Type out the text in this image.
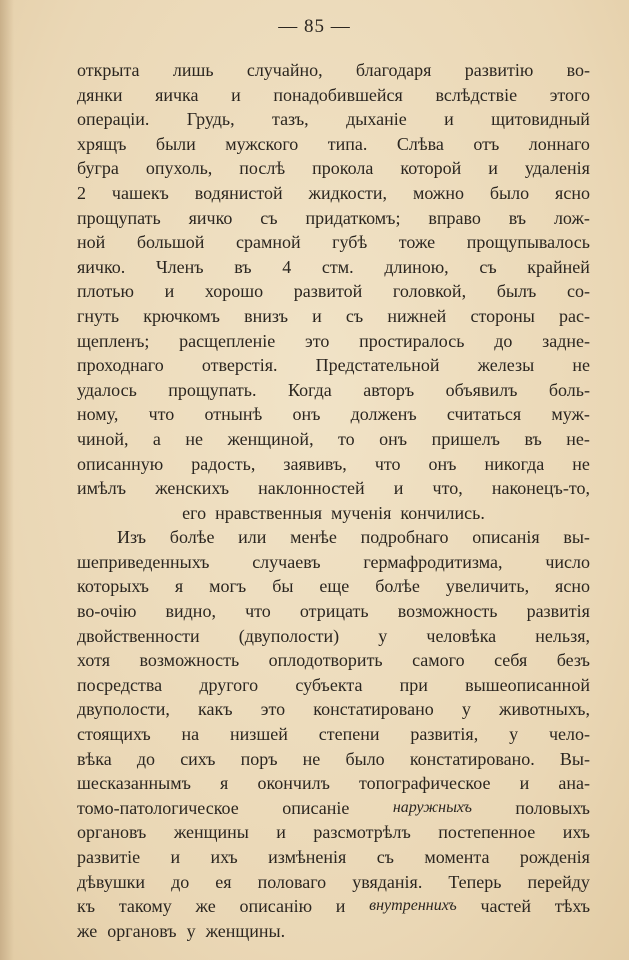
— 85 —
открыта лишь случайно, благодаря развитію во-
дянки яичка и понадобившейся вслѣдствіе этого
операціи. Грудь, тазъ, дыханіе и щитовидный
хрящъ были мужского типа. Слѣва отъ лоннаго
бугра опухоль, послѣ прокола которой и удаленія
2 чашекъ водянистой жидкости, можно было ясно
прощупать яичко съ придаткомъ; вправо въ лож-
ной большой срамной губѣ тоже прощупывалось
яичко. Членъ въ 4 стм. длиною, съ крайней
плотью и хорошо развитой головкой, былъ со-
гнуть крючкомъ внизъ и съ нижней стороны рас-
щепленъ; расщепленіе это простиралось до задне-
проходнаго отверстія. Предстательной железы не
удалось прощупать. Когда авторъ объявилъ боль-
ному, что отнынѣ онъ долженъ считаться муж-
чиной, а не женщиной, то онъ пришелъ въ не-
описанную радость, заявивъ, что онъ никогда не
имѣлъ женскихъ наклонностей и что, наконецъ-то,
его нравственныя мученія кончились.
Изъ болѣе или менѣе подробнаго описанія вы-
шеприведенныхъ случаевъ гермафродитизма, число
которыхъ я могъ бы еще болѣе увеличить, ясно
во-очію видно, что отрицать возможность развитія
двойственности (двуполости) у человѣка нельзя,
хотя возможность оплодотворить самого себя безъ
посредства другого субъекта при вышеописанной
двуполости, какъ это констатировано у животныхъ,
стоящихъ на низшей степени развитія, у чело-
вѣка до сихъ поръ не было констатировано. Вы-
шесказаннымъ я окончилъ топографическое и ана-
томо-патологическое описаніе	наружныхъ половыхъ
органовъ женщины и разсмотрѣлъ постепенное ихъ
развитіе и ихъ измѣненія съ момента рожденія
дѣвушки до ея половаго увяданія. Теперь перейду
къ такому же описанію и внутреннихъ частей тѣхъ
же органовъ у женщины.
